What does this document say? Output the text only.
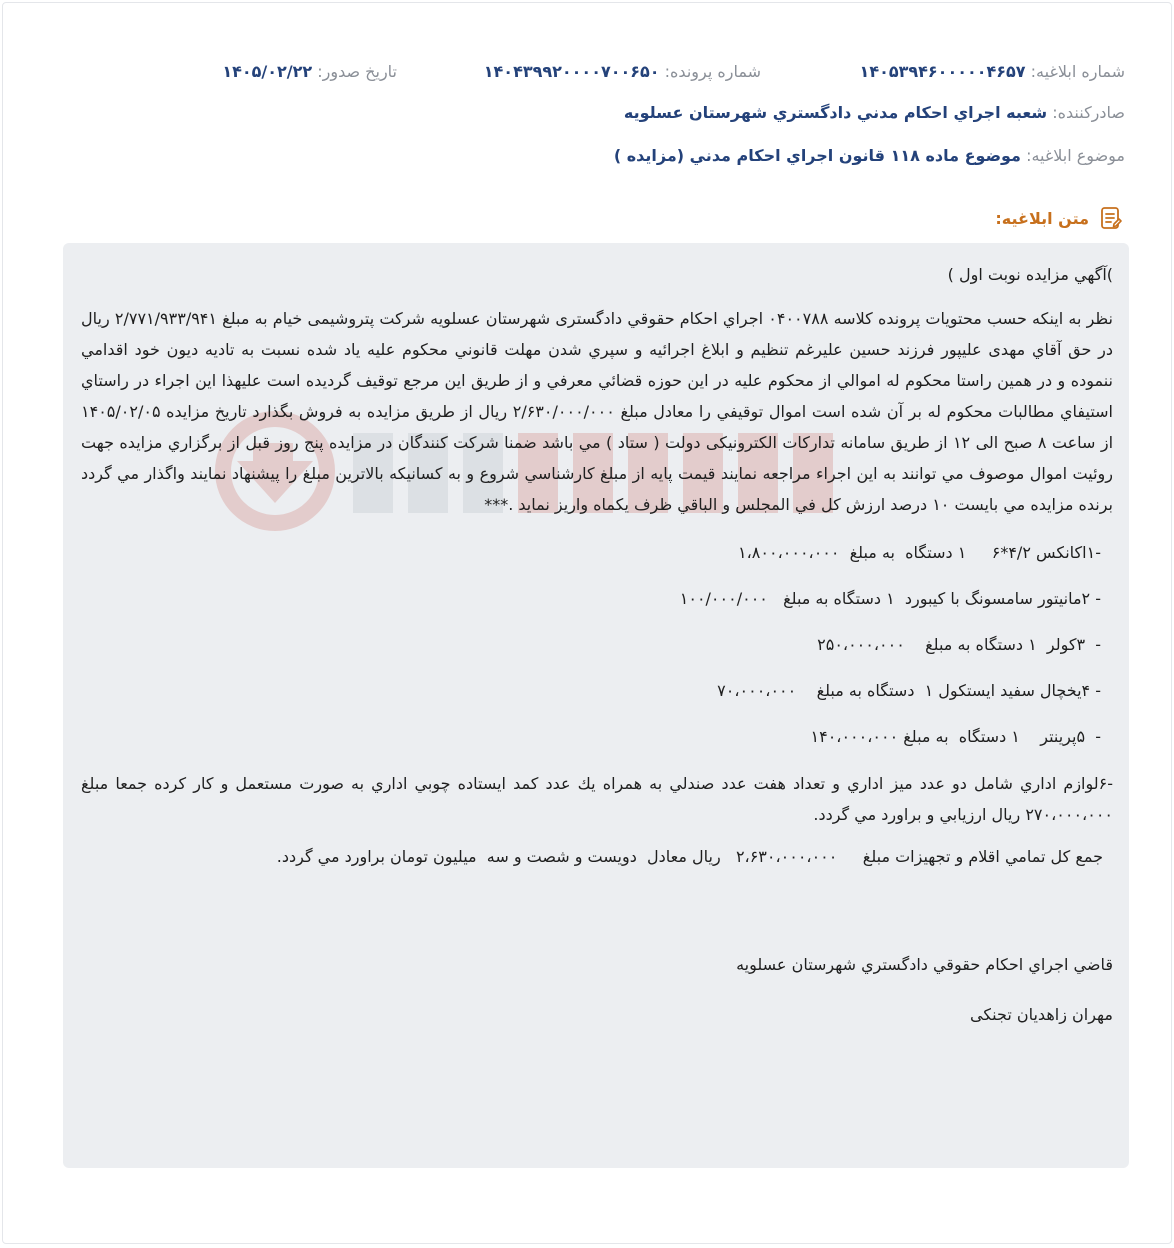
شماره ابلاغيه: ۱۴۰۵۳۹۴۶۰۰۰۰۰۴۶۵۷
شماره پرونده: ۱۴۰۴۳۹۹۲۰۰۰۰۷۰۰۶۵۰
تاريخ صدور: ۱۴۰۵/۰۲/۲۲
صادرکننده: شعبه اجراي احکام مدني دادگستري شهرستان عسلويه
موضوع ابلاغيه: موضوع ماده ۱۱۸ قانون اجراي احکام مدني (مزايده )
متن ابلاغيه:

)آگهي مزايده نوبت اول )

نظر به اینکه حسب محتويات پرونده کلاسه ۰۴۰۰۷۸۸ اجراي احکام حقوقي دادگستری شهرستان عسلويه شرکت پتروشيمی خيام به مبلغ ۲/۷۷۱/۹۳۳/۹۴۱ ريال در حق آقاي مهدی عليپور فرزند حسين عليرغم تنظيم و ابلاغ اجرائيه و سپري شدن مهلت قانوني محکوم عليه ياد شده نسبت به تاديه ديون خود اقدامي ننموده و در همين راستا محکوم له اموالي از محکوم عليه در اين حوزه قضائي معرفي و از طريق اين مرجع توقيف گرديده است عليهذا اين اجراء در راستاي استيفاي مطالبات محکوم له بر آن شده است اموال توقيفي را معادل مبلغ ۲/۶۳۰/۰۰۰/۰۰۰ ريال از طريق مزايده به فروش بگذارد تاريخ مزايده ۱۴۰۵/۰۲/۰۵ از ساعت ۸ صبح الی ۱۲ از طريق سامانه تدارکات الکترونيکی دولت ( ستاد ) مي باشد ضمنا شرکت کنندگان در مزايده پنج روز قبل از برگزاري مزايده جهت روئيت اموال موصوف مي توانند به اين اجراء مراجعه نمايند قيمت پايه از مبلغ کارشناسي شروع و به کسانيکه بالاترين مبلغ را پيشنهاد نمايند واگذار مي گردد برنده مزايده مي بايست ۱۰ درصد ارزش کل في المجلس و الباقي ظرف يکماه واريز نمايد .***

-۱اکانکس ۴/۲*۶     ۱ دستگاه  به مبلغ  ۱،۸۰۰،۰۰۰،۰۰۰

- ۲مانيتور سامسونگ با کيبورد  ۱ دستگاه به مبلغ   ۱۰۰/۰۰۰/۰۰۰

-  ۳کولر  ۱ دستگاه به مبلغ    ۲۵۰،۰۰۰،۰۰۰

- ۴يخچال سفيد ايستکول ۱  دستگاه به مبلغ    ۷۰،۰۰۰،۰۰۰

-  ۵پرينتر    ۱ دستگاه  به مبلغ ۱۴۰،۰۰۰،۰۰۰

-۶لوازم اداري شامل دو عدد ميز اداري و تعداد هفت عدد صندلي به همراه يك عدد کمد ايستاده چوبي اداري به صورت مستعمل و کار کرده جمعا مبلغ ۲۷۰،۰۰۰،۰۰۰ ريال ارزيابي و براورد مي گردد.

جمع کل تمامي اقلام و تجهيزات مبلغ     ۲،۶۳۰،۰۰۰،۰۰۰   ريال معادل  دويست و شصت و سه  ميليون تومان براورد مي گردد.

قاضي اجراي احکام حقوقي دادگستري شهرستان عسلويه

مهران زاهديان تجنکی
